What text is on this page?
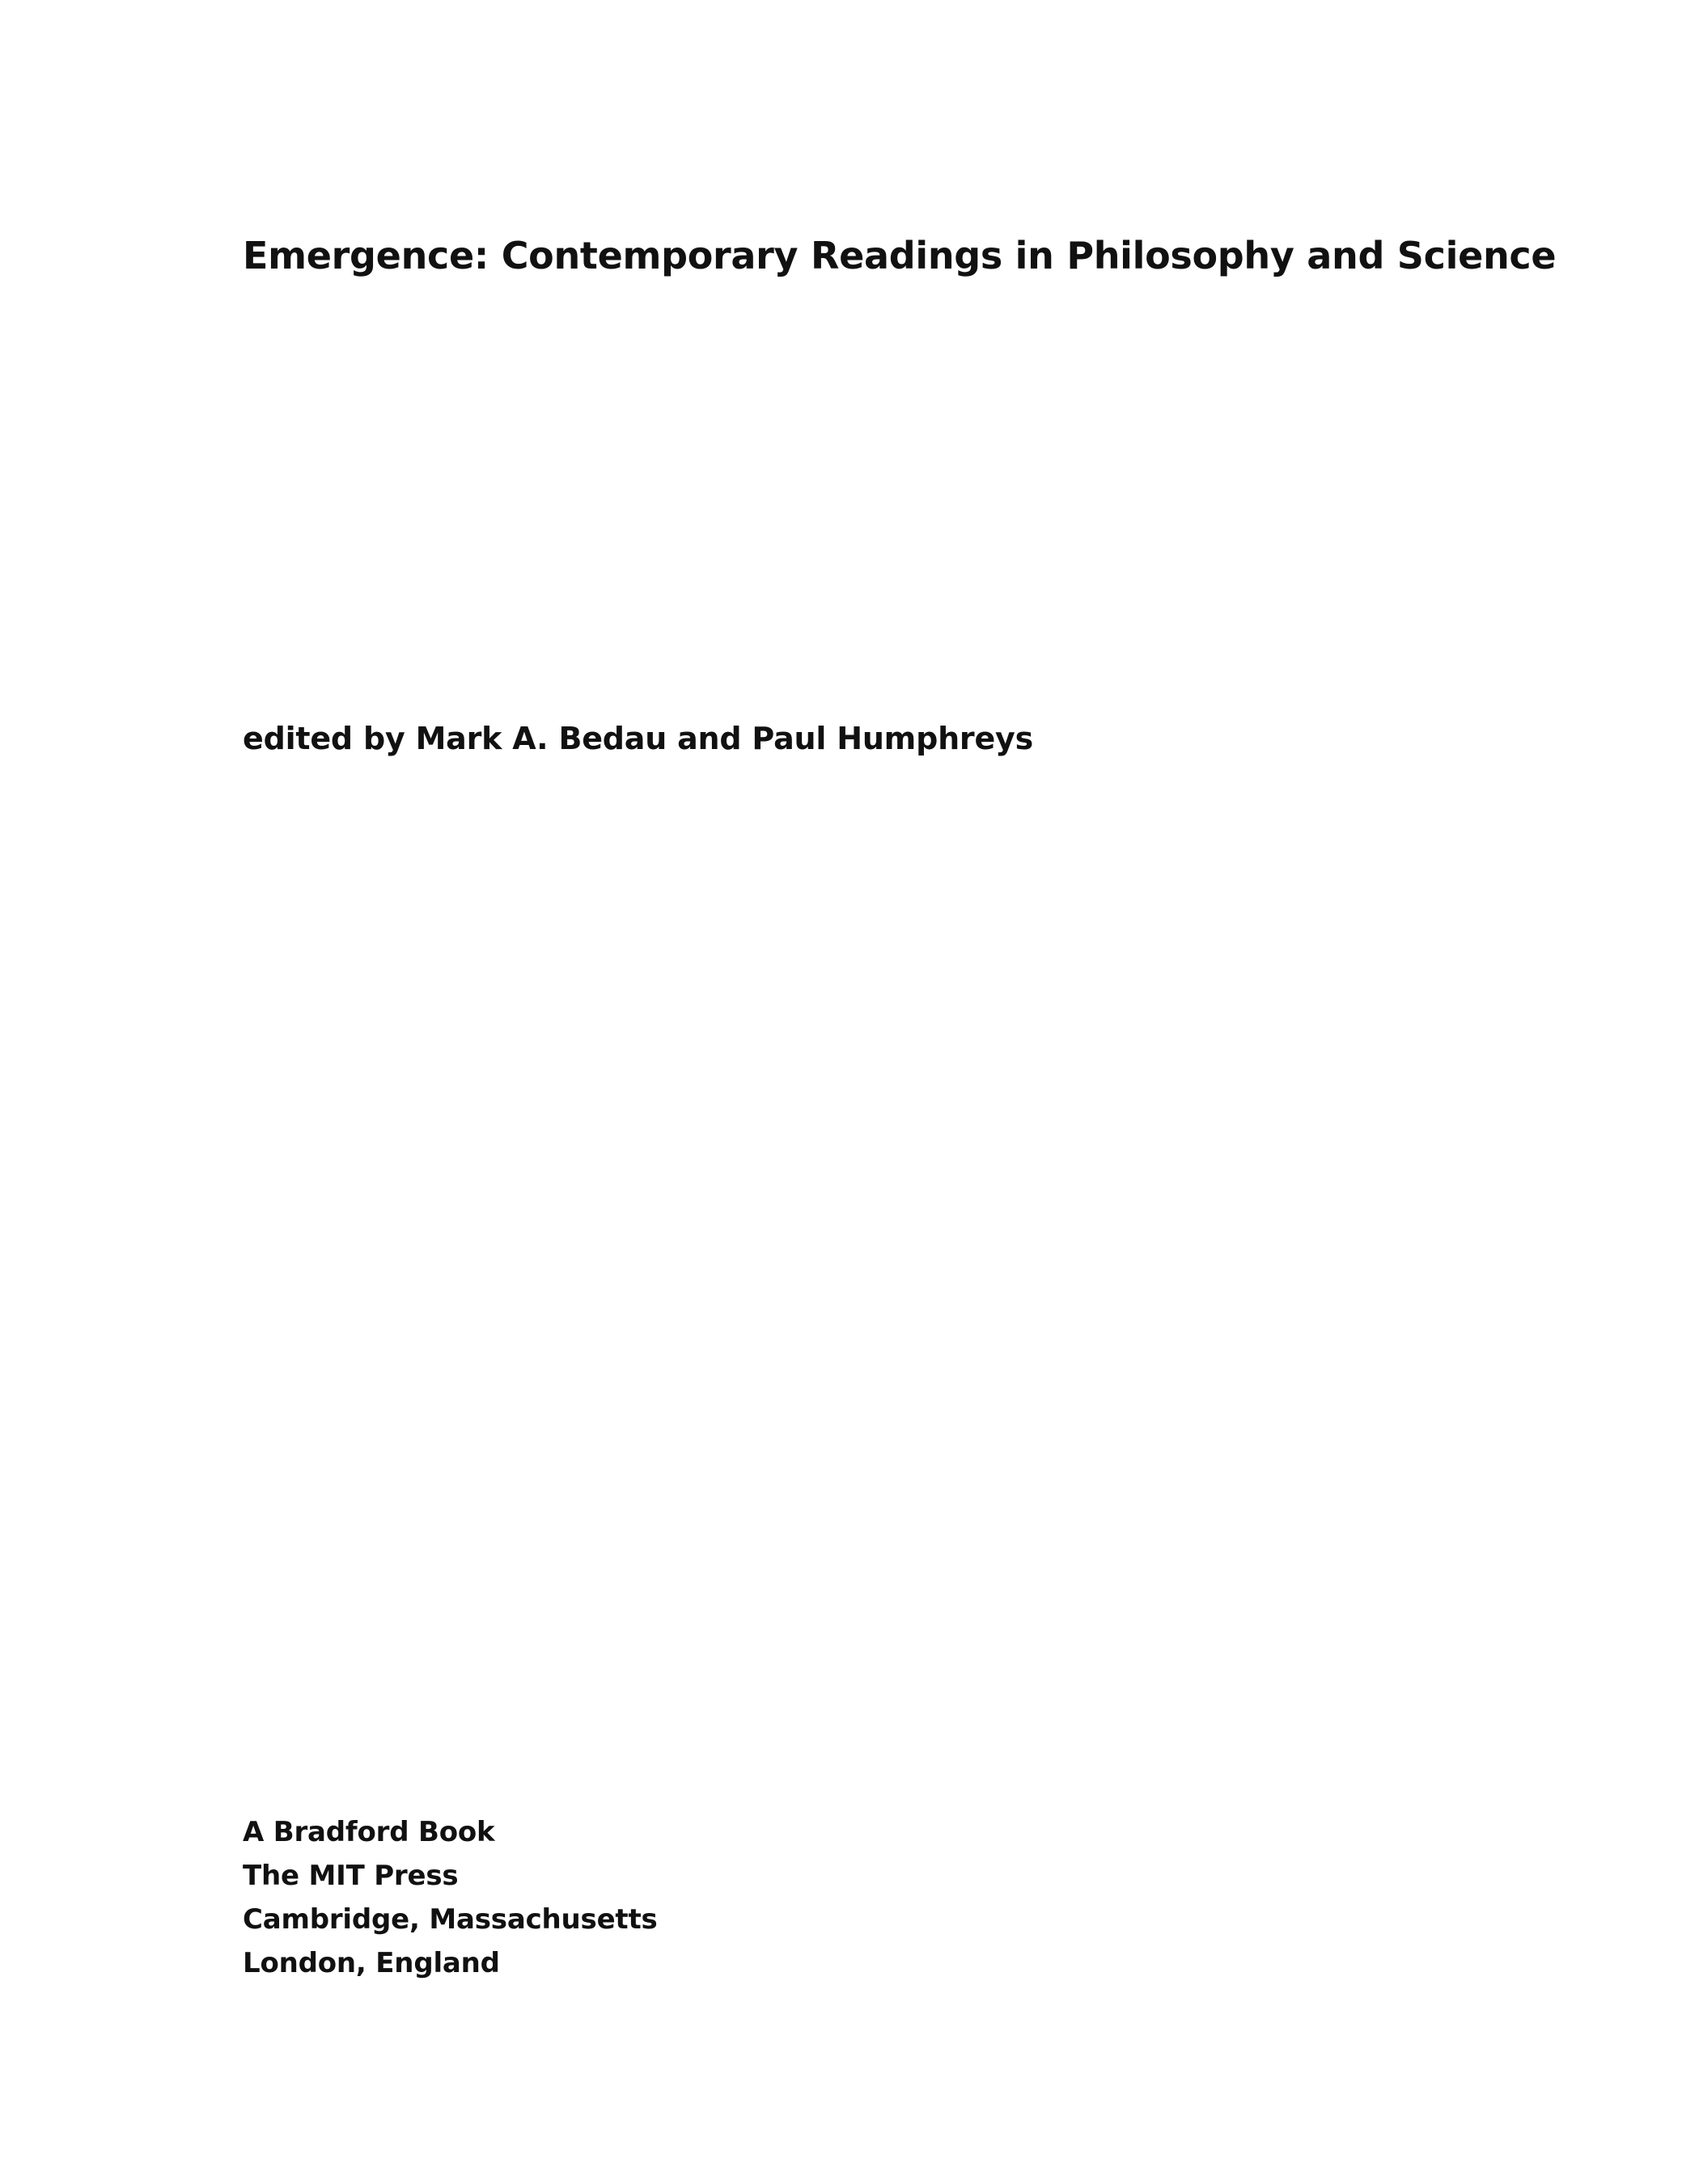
Emergence: Contemporary Readings in Philosophy and Science

edited by Mark A. Bedau and Paul Humphreys

A Bradford Book
The MIT Press
Cambridge, Massachusetts
London, England
